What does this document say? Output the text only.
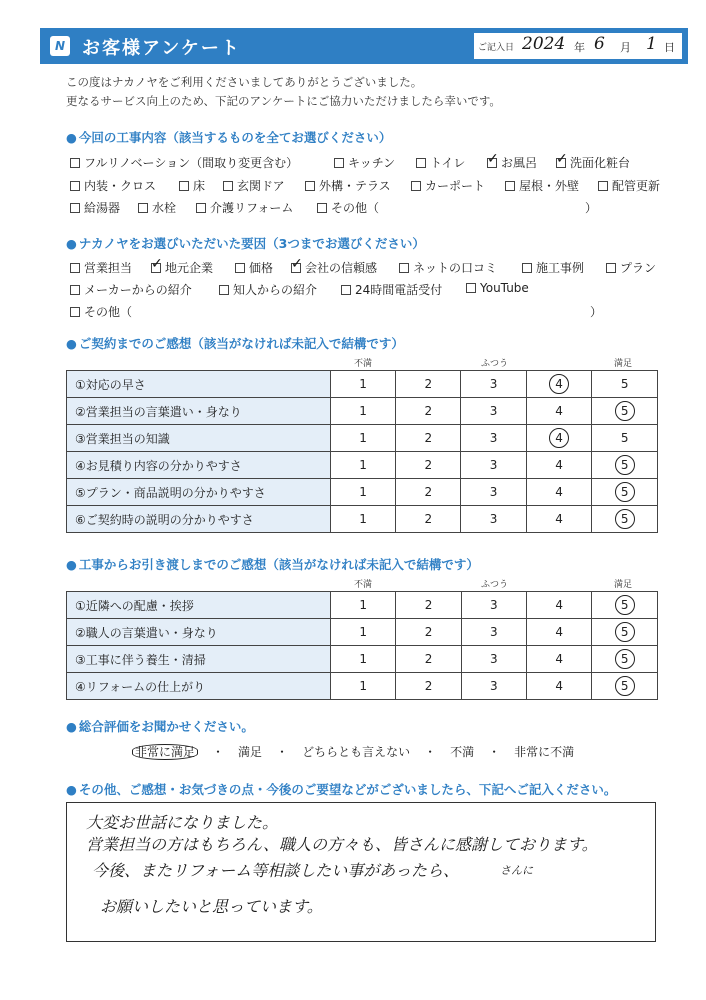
N お客様アンケート	ご記入日 2024 年 6 月 1 日
この度はナカノヤをご利用くださいましてありがとうございました。
更なるサービス向上のため、下記のアンケートにご協力いただけましたら幸いです。
● 今回の工事内容（該当するものを全てお選びください）
● ナカノヤをお選びいただいた要因（3つまでお選びください）
● ご契約までのご感想（該当がなければ未記入で結構です）
不満	ふつう	満足
①対応の早さ	1	2	3	4	5
②営業担当の言葉遣い・身なり	1	2	3	4	5
③営業担当の知識	1	2	3	4	5
④お見積り内容の分かりやすさ	1	2	3	4	5
⑤プラン・商品説明の分かりやすさ	1	2	3	4	5
⑥ご契約時の説明の分かりやすさ	1	2	3	4	5
● 工事からお引き渡しまでのご感想（該当がなければ未記入で結構です）
不満	ふつう	満足
①近隣への配慮・挨拶	1	2	3	4	5
②職人の言葉遣い・身なり	1	2	3	4	5
③工事に伴う養生・清掃	1	2	3	4	5
④リフォームの仕上がり	1	2	3	4	5
● 総合評価をお聞かせください。
非常に満足 ・ 満足 ・ どちらとも言えない ・ 不満 ・ 非常に不満
● その他、ご感想・お気づきの点・今後のご要望などがございましたら、下記へご記入ください。
大変お世話になりました。
営業担当の方はもちろん、職人の方々も、皆さんに感謝しております。
今後、またリフォーム等相談したい事があったら、	さんに
お願いしたいと思っています。
フルリノベーション（間取り変更含む）	キッチン	トイレ ✓	お風呂 ✓	洗面化粧台
内装・クロス	床	玄関ドア	外構・テラス	カーポート	屋根・外壁	配管更新
給湯器	水栓	介護リフォーム	その他（
営業担当 ✓	地元企業	価格 ✓	会社の信頼感	ネットの口コミ	施工事例	プラン
メーカーからの紹介	知人からの紹介	24時間電話受付	YouTube
その他（
）
）
